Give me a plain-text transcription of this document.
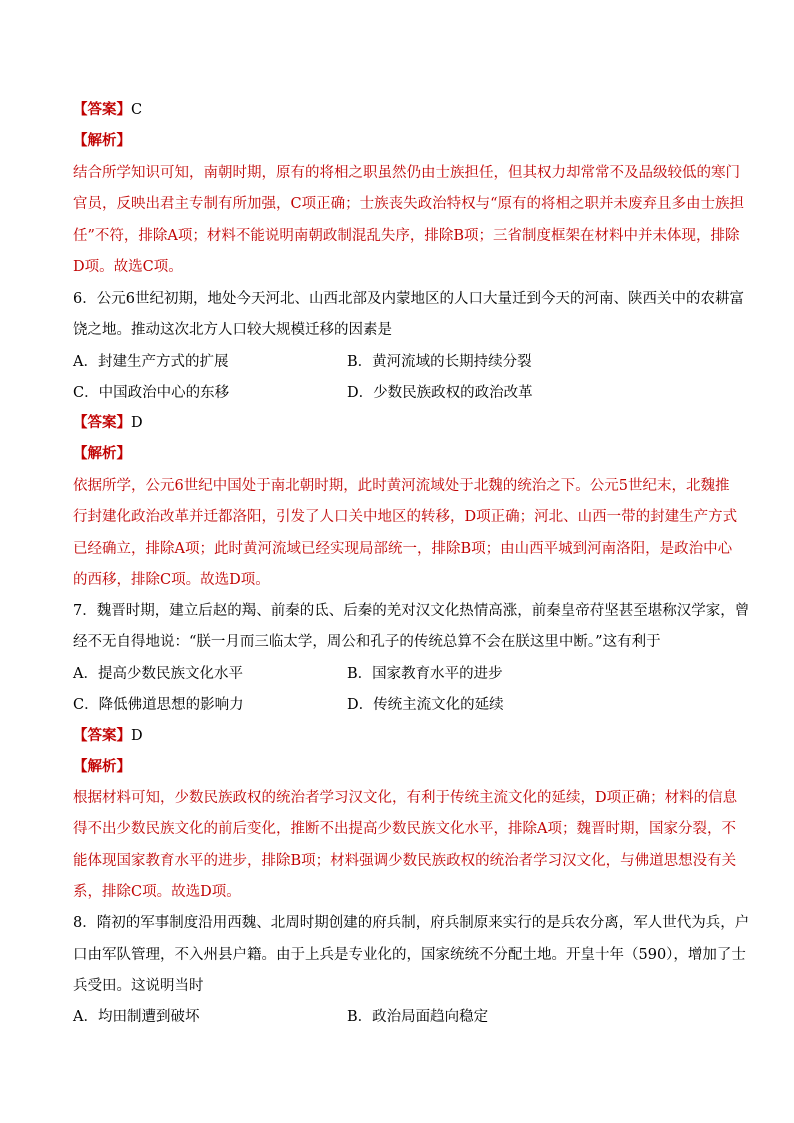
【答案】C
【解析】
结合所学知识可知，南朝时期，原有的将相之职虽然仍由士族担任，但其权力却常常不及品级较低的寒门
官员，反映出君主专制有所加强，C项正确；士族丧失政治特权与“原有的将相之职并未废弃且多由士族担
任”不符，排除A项；材料不能说明南朝政制混乱失序，排除B项；三省制度框架在材料中并未体现，排除
D项。故选C项。
6．公元6世纪初期，地处今天河北、山西北部及内蒙地区的人口大量迁到今天的河南、陕西关中的农耕富
饶之地。推动这次北方人口较大规模迁移的因素是
A．封建生产方式的扩展	B．黄河流域的长期持续分裂
C．中国政治中心的东移	D．少数民族政权的政治改革
【答案】D
【解析】
依据所学，公元6世纪中国处于南北朝时期，此时黄河流域处于北魏的统治之下。公元5世纪末，北魏推
行封建化政治改革并迁都洛阳，引发了人口关中地区的转移，D项正确；河北、山西一带的封建生产方式
已经确立，排除A项；此时黄河流域已经实现局部统一，排除B项；由山西平城到河南洛阳，是政治中心
的西移，排除C项。故选D项。
7．魏晋时期，建立后赵的羯、前秦的氐、后秦的羌对汉文化热情高涨，前秦皇帝苻坚甚至堪称汉学家，曾
经不无自得地说：“朕一月而三临太学，周公和孔子的传统总算不会在朕这里中断。”这有利于
A．提高少数民族文化水平	B．国家教育水平的进步
C．降低佛道思想的影响力	D．传统主流文化的延续
【答案】D
【解析】
根据材料可知，少数民族政权的统治者学习汉文化，有利于传统主流文化的延续，D项正确；材料的信息
得不出少数民族文化的前后变化，推断不出提高少数民族文化水平，排除A项；魏晋时期，国家分裂，不
能体现国家教育水平的进步，排除B项；材料强调少数民族政权的统治者学习汉文化，与佛道思想没有关
系，排除C项。故选D项。
8．隋初的军事制度沿用西魏、北周时期创建的府兵制，府兵制原来实行的是兵农分离，军人世代为兵，户
口由军队管理，不入州县户籍。由于上兵是专业化的，国家统统不分配土地。开皇十年（590），增加了士
兵受田。这说明当时
A．均田制遭到破坏	B．政治局面趋向稳定
